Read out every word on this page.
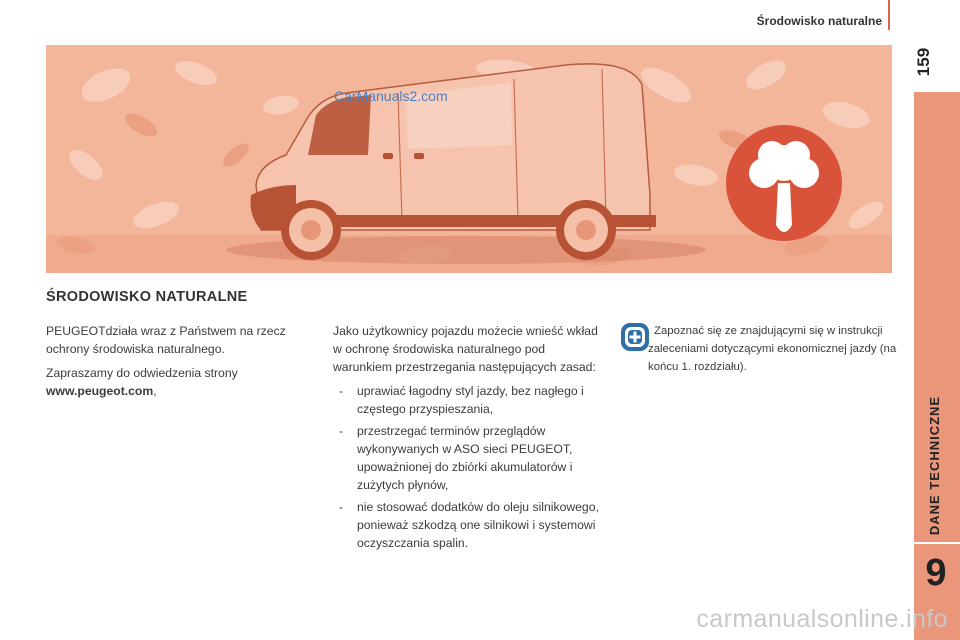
Środowisko naturalne
159
DANE TECHNICZNE
9
CarManuals2.com
ŚRODOWISKO NATURALNE

PEUGEOTdziała wraz z Państwem na rzecz ochrony środowiska naturalnego.

Zapraszamy do odwiedzenia strony
www.peugeot.com,

Jako użytkownicy pojazdu możecie wnieść wkład w ochronę środowiska naturalnego pod warunkiem przestrzegania następujących zasad:

- uprawiać łagodny styl jazdy, bez nagłego i częstego przyspieszania,
- przestrzegać terminów przeglądów wykonywanych w ASO sieci PEUGEOT, upoważnionej do zbiórki akumulatorów i zużytych płynów,
- nie stosować dodatków do oleju silnikowego, ponieważ szkodzą one silnikowi i systemowi oczyszczania spalin.
Zapoznać się ze znajdującymi się w instrukcji zaleceniami dotyczącymi ekonomicznej jazdy (na końcu 1. rozdziału).
carmanualsonline.info
